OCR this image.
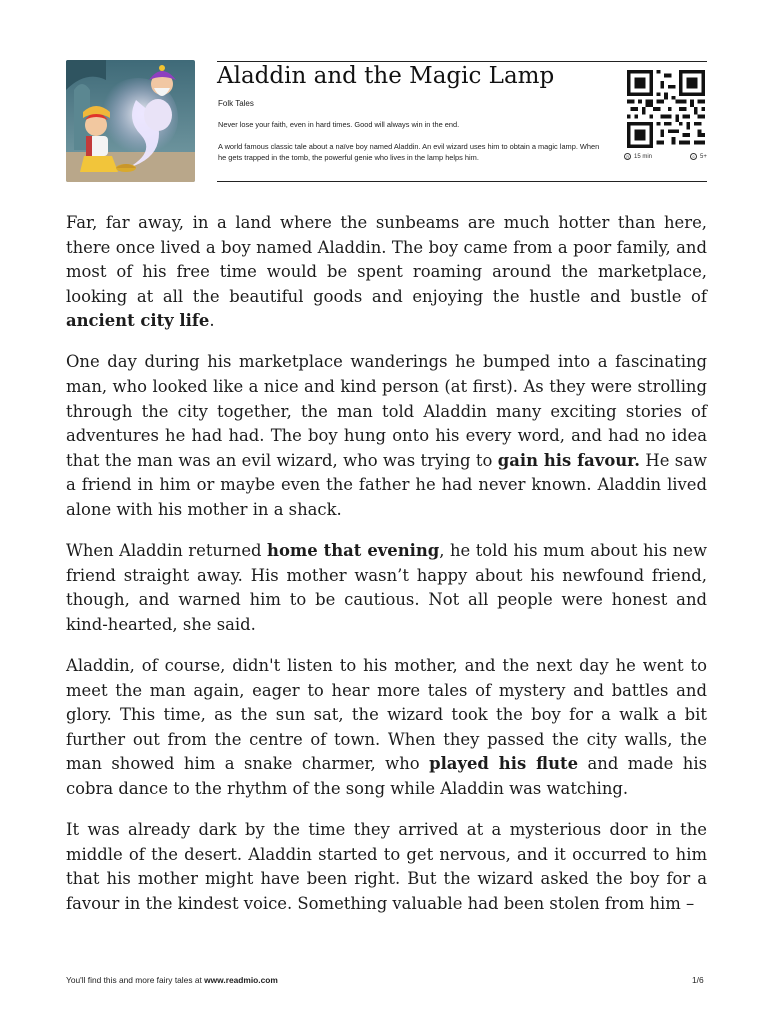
Aladdin and the Magic Lamp
Folk Tales
Never lose your faith, even in hard times. Good will always win in the end.
A world famous classic tale about a naïve boy named Aladdin. An evil wizard uses him to obtain a magic lamp. When he gets trapped in the tomb, the powerful genie who lives in the lamp helps him.	◷ 15 min	☺ 5+

Far, far away, in a land where the sunbeams are much hotter than here, there once lived a boy named Aladdin. The boy came from a poor family, and most of his free time would be spent roaming around the marketplace, looking at all the beautiful goods and enjoying the hustle and bustle of ancient city life.

One day during his marketplace wanderings he bumped into a fascinating man, who looked like a nice and kind person (at first). As they were strolling through the city together, the man told Aladdin many exciting stories of adventures he had had. The boy hung onto his every word, and had no idea that the man was an evil wizard, who was trying to gain his favour. He saw a friend in him or maybe even the father he had never known. Aladdin lived alone with his mother in a shack.

When Aladdin returned home that evening, he told his mum about his new friend straight away. His mother wasn’t happy about his newfound friend, though, and warned him to be cautious. Not all people were honest and kind-hearted, she said.

Aladdin, of course, didn't listen to his mother, and the next day he went to meet the man again, eager to hear more tales of mystery and battles and glory. This time, as the sun sat, the wizard took the boy for a walk a bit further out from the centre of town. When they passed the city walls, the man showed him a snake charmer, who played his flute and made his cobra dance to the rhythm of the song while Aladdin was watching.

It was already dark by the time they arrived at a mysterious door in the middle of the desert. Aladdin started to get nervous, and it occurred to him that his mother might have been right. But the wizard asked the boy for a favour in the kindest voice. Something valuable had been stolen from him –

You'll find this and more fairy tales at www.readmio.com	1/6
